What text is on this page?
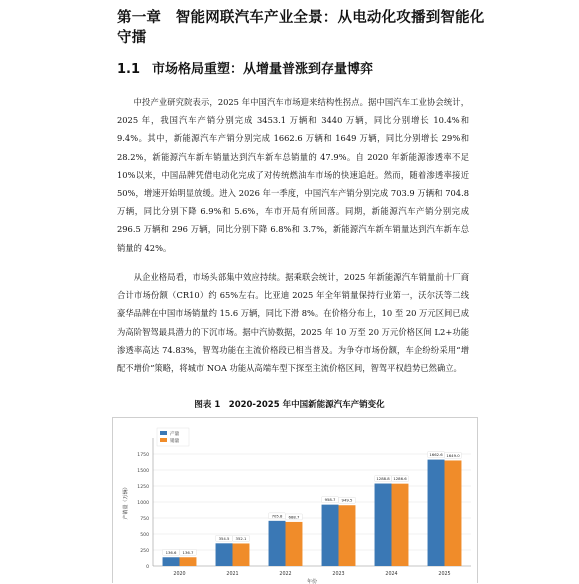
第一章　智能网联汽车产业全景：从电动化攻播到智能化守擂
1.1 市场格局重塑：从增量普涨到存量博弈

中投产业研究院表示，2025 年中国汽车市场迎来结构性拐点。据中国汽车工业协会统计，2025 年，我国汽车产销分别完成 3453.1 万辆和 3440 万辆，同比分别增长 10.4%和 9.4%。其中，新能源汽车产销分别完成 1662.6 万辆和 1649 万辆，同比分别增长 29%和 28.2%，新能源汽车新车销量达到汽车新车总销量的 47.9%。自 2020 年新能源渗透率不足 10%以来，中国品牌凭借电动化完成了对传统燃油车市场的快速追赶。然而，随着渗透率接近 50%，增速开始明显放缓。进入 2026 年一季度，中国汽车产销分别完成 703.9 万辆和 704.8 万辆，同比分别下降 6.9%和 5.6%，车市开局有所回落。同期，新能源汽车产销分别完成 296.5 万辆和 296 万辆，同比分别下降 6.8%和 3.7%，新能源汽车新车销量达到汽车新车总销量的 42%。

从企业格局看，市场头部集中效应持续。据乘联会统计，2025 年新能源汽车销量前十厂商合计市场份额（CR10）约 65%左右。比亚迪 2025 年全年销量保持行业第一，沃尔沃等二线豪华品牌在中国市场销量约 15.6 万辆，同比下滑 8%。在价格分布上，10 至 20 万元区间已成为高阶智驾最具潜力的下沉市场。据中汽协数据，2025 年 10 万至 20 万元价格区间 L2+功能渗透率高达 74.83%，智驾功能在主流价格段已相当普及。为争夺市场份额，车企纷纷采用“增配不增价”策略，将城市 NOA 功能从高端车型下探至主流价格区间，智驾平权趋势已然确立。

图表 1　2020-2025 年中国新能源汽车产销变化
0
250
500
750
1000
1250
1500
1750
产销量（万辆）
136.6 136.7
2020
354.5 352.1
2021
705.8 688.7
2022
958.7 949.5
2023
1288.8 1286.6
2024
1662.6 1649.0
2025
年份
产量
销量
